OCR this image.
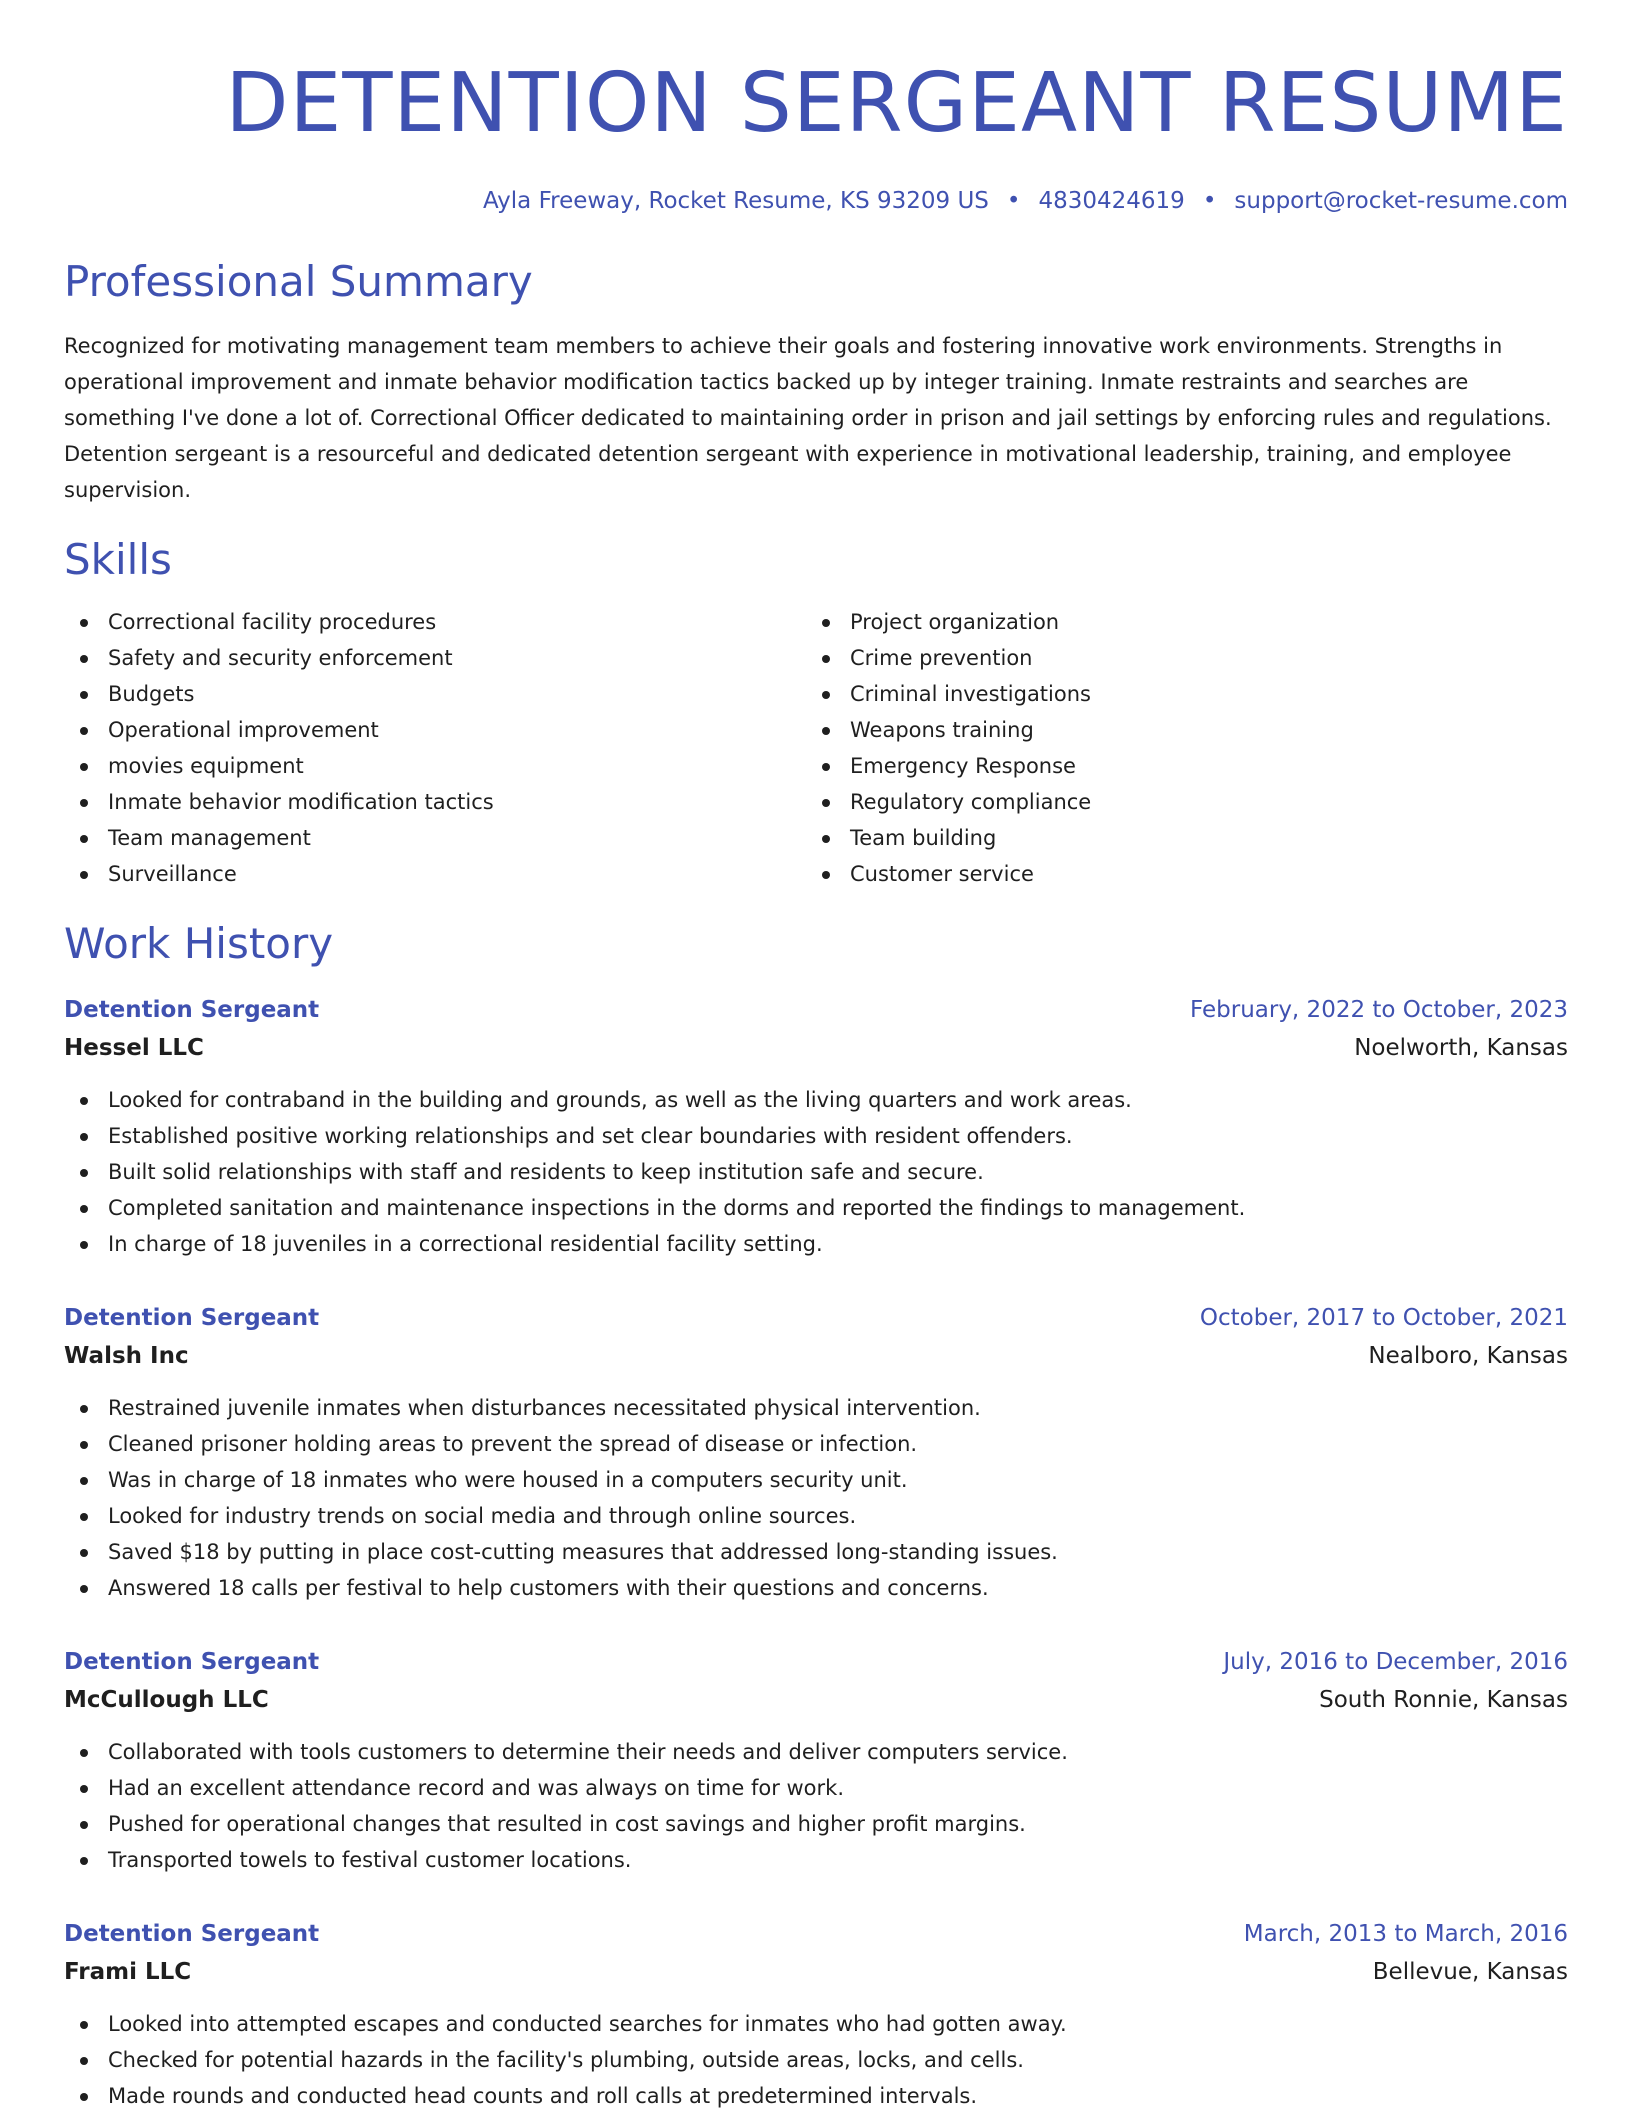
DETENTION SERGEANT RESUME
Ayla Freeway, Rocket Resume, KS 93209 US • 4830424619 • support@rocket-resume.com
Professional Summary
Recognized for motivating management team members to achieve their goals and fostering innovative work environments. Strengths in operational improvement and inmate behavior modification tactics backed up by integer training. Inmate restraints and searches are something I've done a lot of. Correctional Officer dedicated to maintaining order in prison and jail settings by enforcing rules and regulations. Detention sergeant is a resourceful and dedicated detention sergeant with experience in motivational leadership, training, and employee supervision.
Skills
Correctional facility procedures
Safety and security enforcement
Budgets
Operational improvement
movies equipment
Inmate behavior modification tactics
Team management
Surveillance
Project organization
Crime prevention
Criminal investigations
Weapons training
Emergency Response
Regulatory compliance
Team building
Customer service
Work History
Detention Sergeant	February, 2022 to October, 2023
Hessel LLC	Noelworth, Kansas
Looked for contraband in the building and grounds, as well as the living quarters and work areas.
Established positive working relationships and set clear boundaries with resident offenders.
Built solid relationships with staff and residents to keep institution safe and secure.
Completed sanitation and maintenance inspections in the dorms and reported the findings to management.
In charge of 18 juveniles in a correctional residential facility setting.
Detention Sergeant	October, 2017 to October, 2021
Walsh Inc	Nealboro, Kansas
Restrained juvenile inmates when disturbances necessitated physical intervention.
Cleaned prisoner holding areas to prevent the spread of disease or infection.
Was in charge of 18 inmates who were housed in a computers security unit.
Looked for industry trends on social media and through online sources.
Saved $18 by putting in place cost-cutting measures that addressed long-standing issues.
Answered 18 calls per festival to help customers with their questions and concerns.
Detention Sergeant	July, 2016 to December, 2016
McCullough LLC	South Ronnie, Kansas
Collaborated with tools customers to determine their needs and deliver computers service.
Had an excellent attendance record and was always on time for work.
Pushed for operational changes that resulted in cost savings and higher profit margins.
Transported towels to festival customer locations.
Detention Sergeant	March, 2013 to March, 2016
Frami LLC	Bellevue, Kansas
Looked into attempted escapes and conducted searches for inmates who had gotten away.
Checked for potential hazards in the facility's plumbing, outside areas, locks, and cells.
Made rounds and conducted head counts and roll calls at predetermined intervals.
